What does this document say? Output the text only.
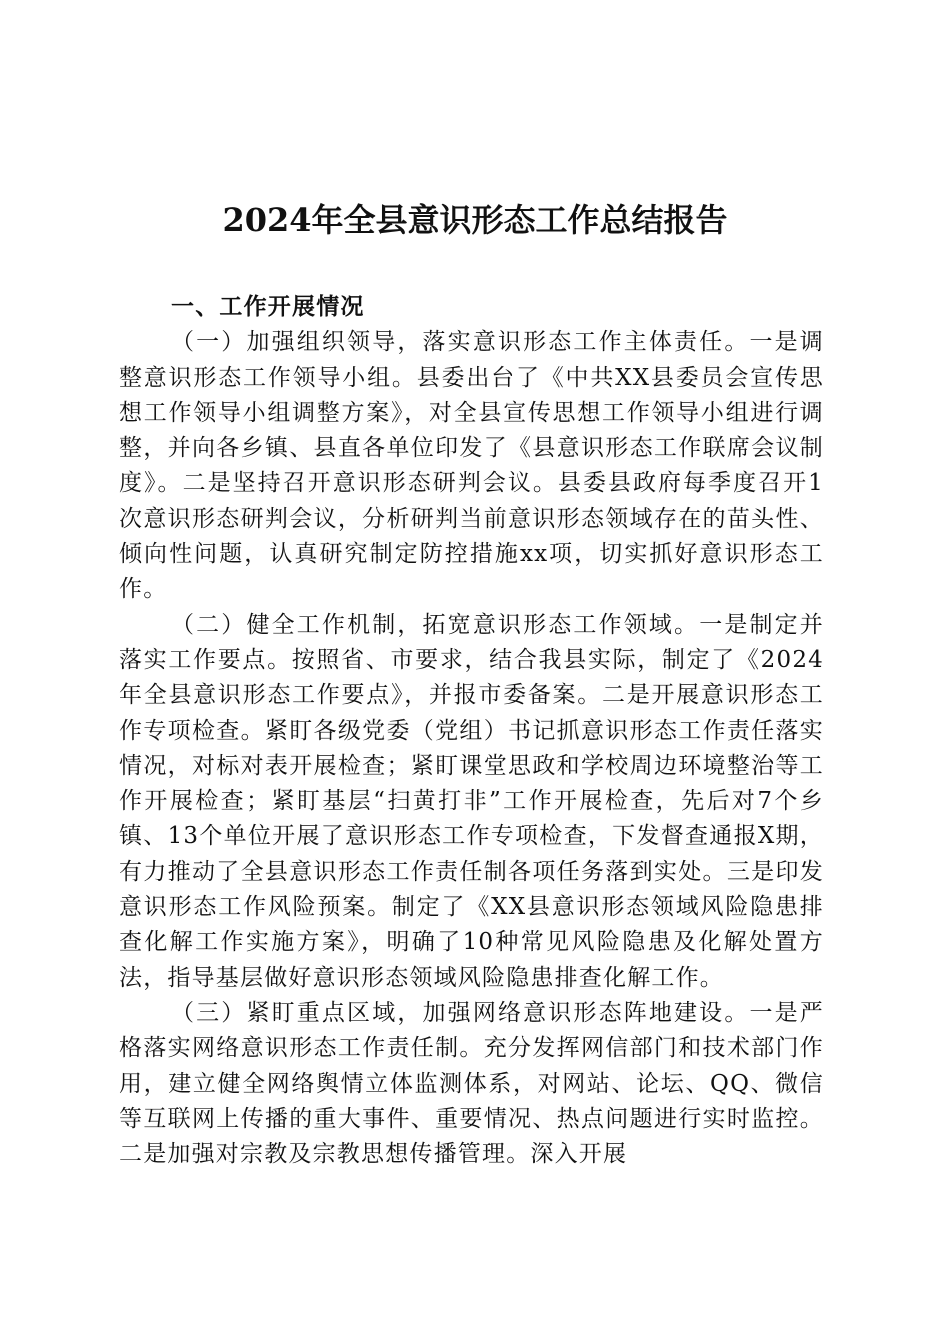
2024年全县意识形态工作总结报告

一、工作开展情况

（一）加强组织领导，落实意识形态工作主体责任。一是调整意识形态工作领导小组。县委出台了《中共XX县委员会宣传思想工作领导小组调整方案》，对全县宣传思想工作领导小组进行调整，并向各乡镇、县直各单位印发了《县意识形态工作联席会议制度》。二是坚持召开意识形态研判会议。县委县政府每季度召开1次意识形态研判会议，分析研判当前意识形态领域存在的苗头性、倾向性问题，认真研究制定防控措施xx项，切实抓好意识形态工作。

（二）健全工作机制，拓宽意识形态工作领域。一是制定并落实工作要点。按照省、市要求，结合我县实际，制定了《2024年全县意识形态工作要点》，并报市委备案。二是开展意识形态工作专项检查。紧盯各级党委（党组）书记抓意识形态工作责任落实情况，对标对表开展检查；紧盯课堂思政和学校周边环境整治等工作开展检查；紧盯基层“扫黄打非”工作开展检查，先后对7个乡镇、13个单位开展了意识形态工作专项检查，下发督查通报X期，有力推动了全县意识形态工作责任制各项任务落到实处。三是印发意识形态工作风险预案。制定了《XX县意识形态领域风险隐患排查化解工作实施方案》，明确了10种常见风险隐患及化解处置方法，指导基层做好意识形态领域风险隐患排查化解工作。

（三）紧盯重点区域，加强网络意识形态阵地建设。一是严格落实网络意识形态工作责任制。充分发挥网信部门和技术部门作用，建立健全网络舆情立体监测体系，对网站、论坛、QQ、微信等互联网上传播的重大事件、重要情况、热点问题进行实时监控。二是加强对宗教及宗教思想传播管理。深入开展
